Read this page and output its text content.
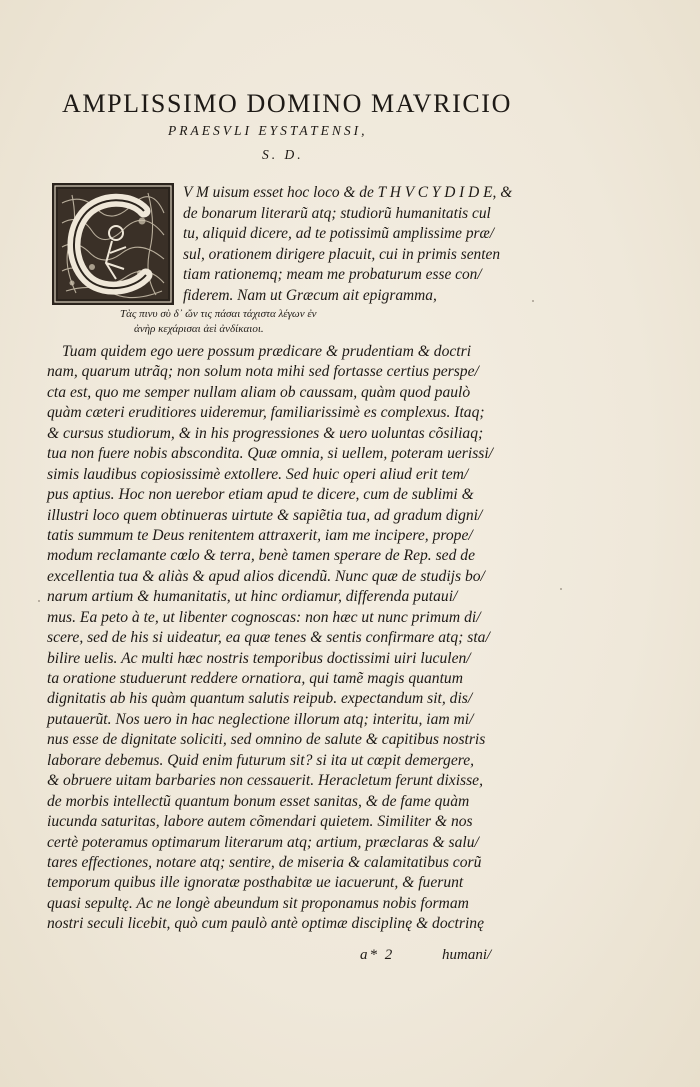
AMPLISSIMO DOMINO MAVRICIO
PRAESVLI EYSTATENSI,
S. D.
V M uisum esset hoc loco & de T H V C Y D I D E, &
de bonarum literarũ atq; studiorũ humanitatis cul
tu, aliquid dicere, ad te potissimũ amplissime præ/
sul, orationem dirigere placuit, cui in primis senten
tiam rationemq; meam me probaturum esse con/
fiderem. Nam ut Græcum ait epigramma,
Τὰς πινυ σὺ δ᾽ ὤν τις πάσαι τάχιστα λέγων ἐν
ἀνὴρ κεχάρισαι ἀεὶ ἀνδίκαιοι.
Tuam quidem ego uere possum prædicare & prudentiam & doctri
nam, quarum utrãq; non solum nota mihi sed fortasse certius perspe/
cta est, quo me semper nullam aliam ob caussam, quàm quod paulò
quàm cæteri eruditiores uideremur, familiarissimè es complexus. Itaq;
& cursus studiorum, & in his progressiones & uero uoluntas cõsiliaq;
tua non fuere nobis abscondita. Quæ omnia, si uellem, poteram uerissi/
simis laudibus copiosissimè extollere. Sed huic operi aliud erit tem/
pus aptius. Hoc non uerebor etiam apud te dicere, cum de sublimi &
illustri loco quem obtinueras uirtute & sapiẽtia tua, ad gradum digni/
tatis summum te Deus renitentem attraxerit, iam me incipere, prope/
modum reclamante cœlo & terra, benè tamen sperare de Rep. sed de
excellentia tua & aliàs & apud alios dicendũ. Nunc quæ de studijs bo/
narum artium & humanitatis, ut hinc ordiamur, differenda putaui/
mus. Ea peto à te, ut libenter cognoscas: non hæc ut nunc primum di/
scere, sed de his si uideatur, ea quæ tenes & sentis confirmare atq; sta/
bilire uelis. Ac multi hæc nostris temporibus doctissimi uiri luculen/
ta oratione studuerunt reddere ornatiora, qui tamẽ magis quantum
dignitatis ab his quàm quantum salutis reipub. expectandum sit, dis/
putauerũt. Nos uero in hac neglectione illorum atq; interitu, iam mi/
nus esse de dignitate soliciti, sed omnino de salute & capitibus nostris
laborare debemus. Quid enim futurum sit? si ita ut cœpit demergere,
& obruere uitam barbaries non cessauerit. Heracletum ferunt dixisse,
de morbis intellectũ quantum bonum esset sanitas, & de fame quàm
iucunda saturitas, labore autem cõmendari quietem. Similiter & nos
certè poteramus optimarum literarum atq; artium, præclaras & salu/
tares effectiones, notare atq; sentire, de miseria & calamitatibus corũ
temporum quibus ille ignoratæ posthabitæ ue iacuerunt, & fuerunt
quasi sepultę. Ac ne longè abeundum sit proponamus nobis formam
nostri seculi licebit, quò cum paulò antè optimæ disciplinę & doctrinę
a* 2	humani/
